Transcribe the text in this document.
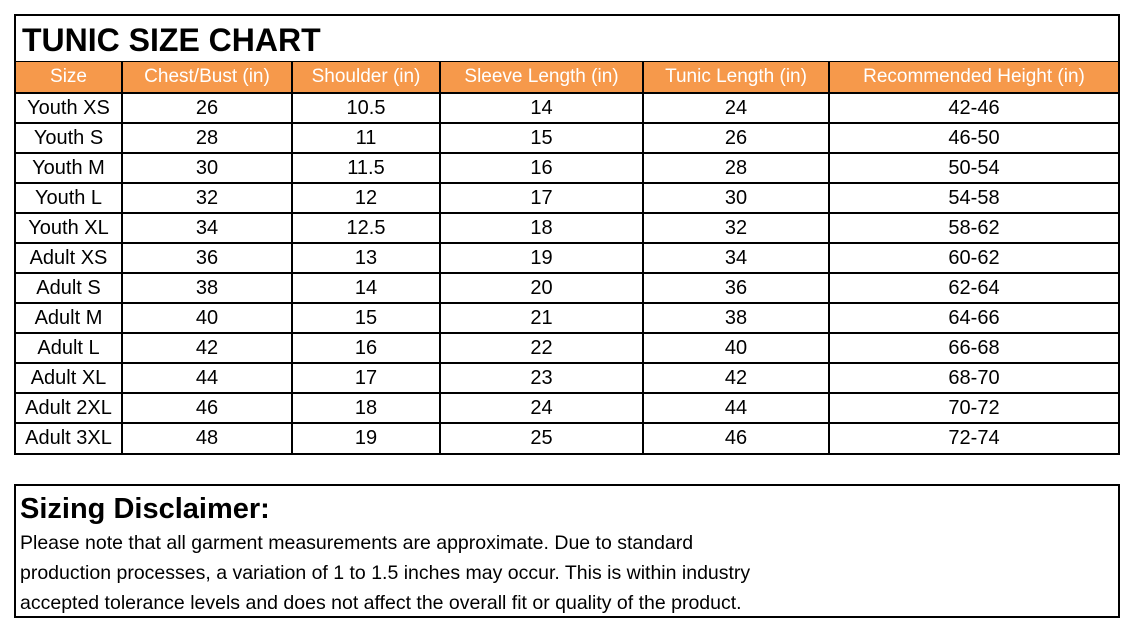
TUNIC SIZE CHART
Size	Chest/Bust (in)	Shoulder (in)	Sleeve Length (in)	Tunic Length (in)	Recommended Height (in)
Youth XS	26	10.5	14	24	42-46
Youth S	28	11	15	26	46-50
Youth M	30	11.5	16	28	50-54
Youth L	32	12	17	30	54-58
Youth XL	34	12.5	18	32	58-62
Adult XS	36	13	19	34	60-62
Adult S	38	14	20	36	62-64
Adult M	40	15	21	38	64-66
Adult L	42	16	22	40	66-68
Adult XL	44	17	23	42	68-70
Adult 2XL	46	18	24	44	70-72
Adult 3XL	48	19	25	46	72-74
Sizing Disclaimer:
Please note that all garment measurements are approximate. Due to standard
production processes, a variation of 1 to 1.5 inches may occur. This is within industry
accepted tolerance levels and does not affect the overall fit or quality of the product.
